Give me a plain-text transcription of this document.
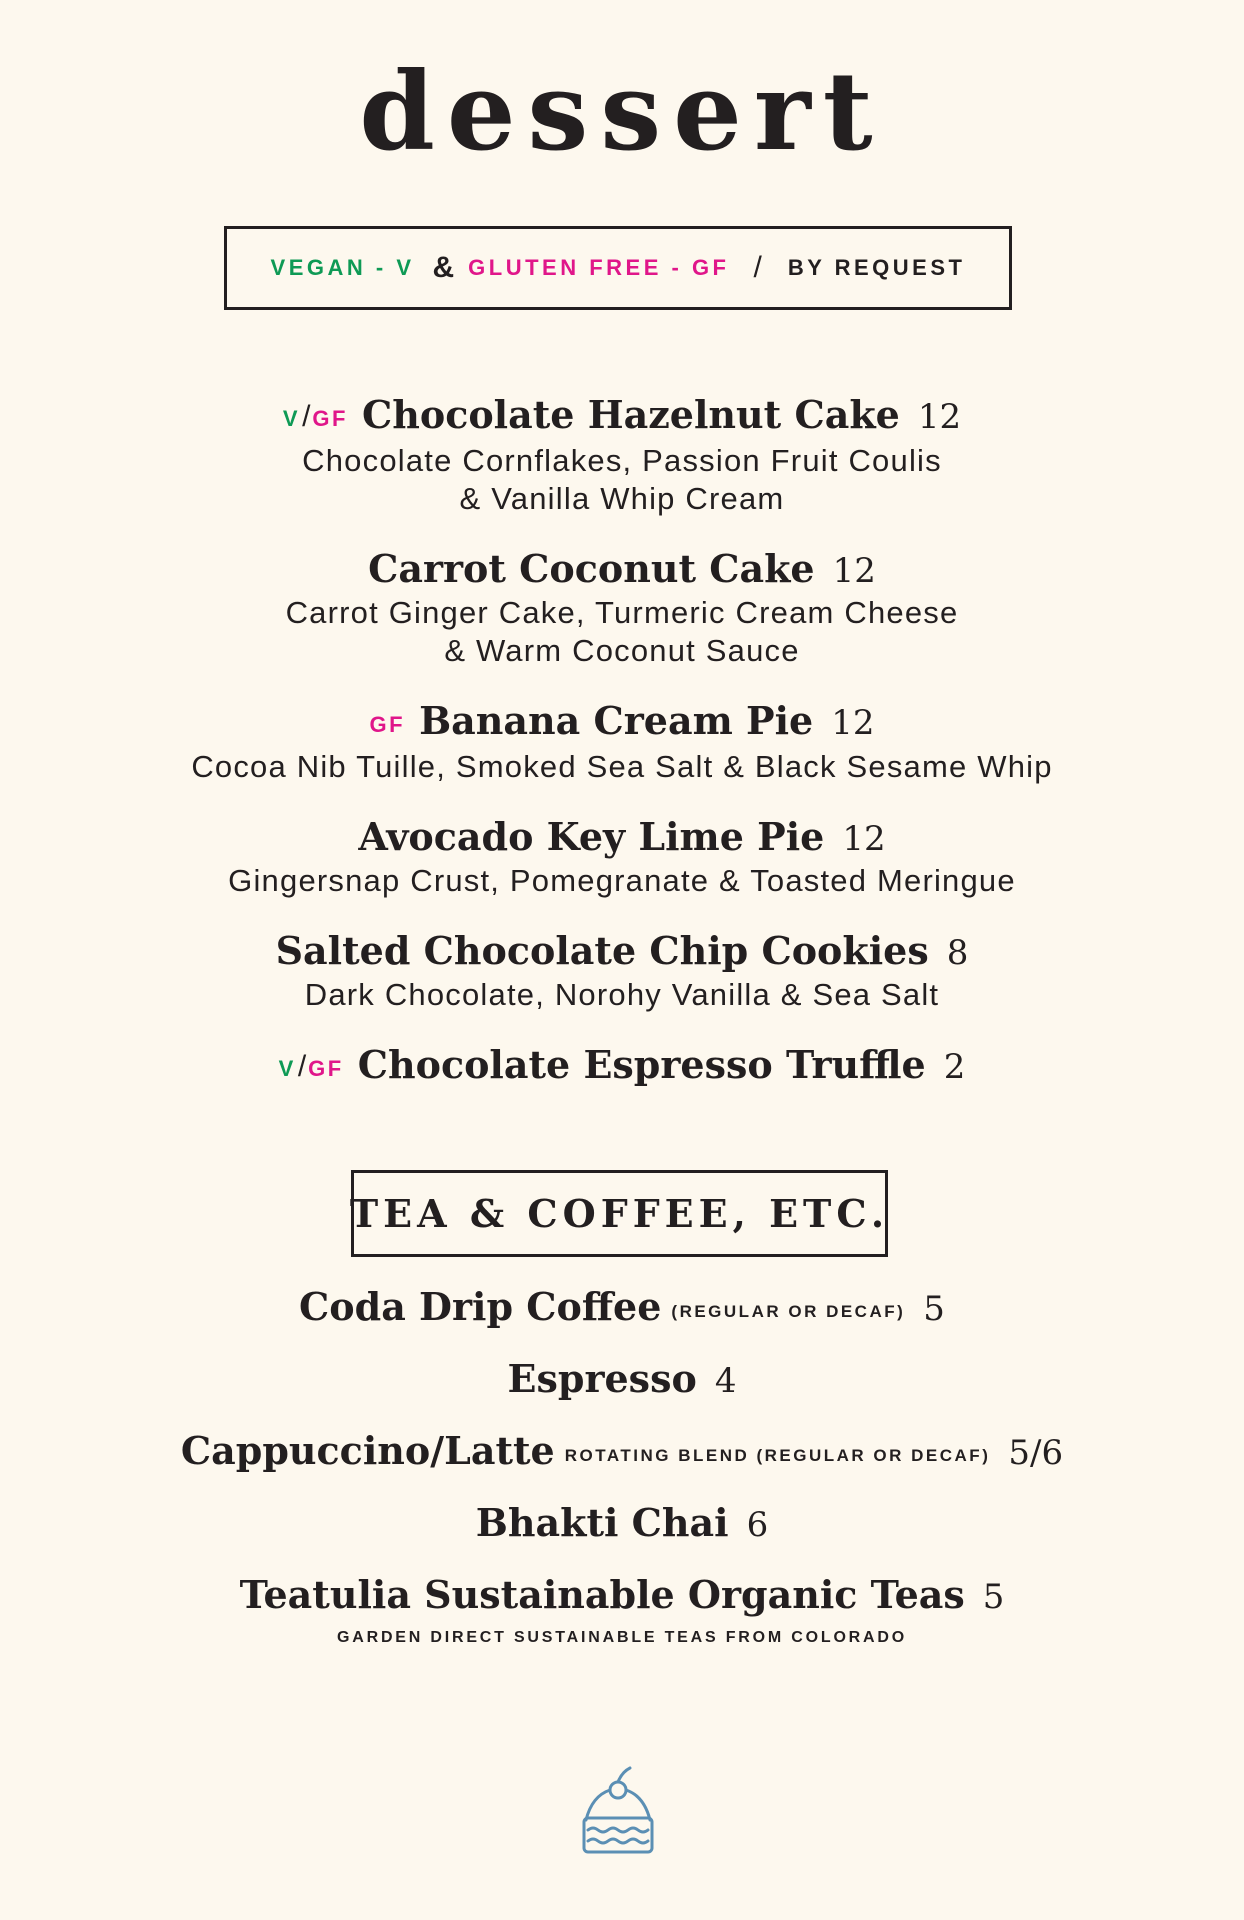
dessert
VEGAN - V & GLUTEN FREE - GF / BY REQUEST
V/GF Chocolate Hazelnut Cake 12
Chocolate Cornflakes, Passion Fruit Coulis
& Vanilla Whip Cream
Carrot Coconut Cake 12
Carrot Ginger Cake, Turmeric Cream Cheese
& Warm Coconut Sauce
GF Banana Cream Pie 12
Cocoa Nib Tuille, Smoked Sea Salt & Black Sesame Whip
Avocado Key Lime Pie 12
Gingersnap Crust, Pomegranate & Toasted Meringue
Salted Chocolate Chip Cookies 8
Dark Chocolate, Norohy Vanilla & Sea Salt
V/GF Chocolate Espresso Truffle 2
TEA & COFFEE, ETC.
Coda Drip Coffee (REGULAR OR DECAF) 5
Espresso 4
Cappuccino/Latte ROTATING BLEND (REGULAR OR DECAF) 5/6
Bhakti Chai 6
Teatulia Sustainable Organic Teas 5
GARDEN DIRECT SUSTAINABLE TEAS FROM COLORADO
